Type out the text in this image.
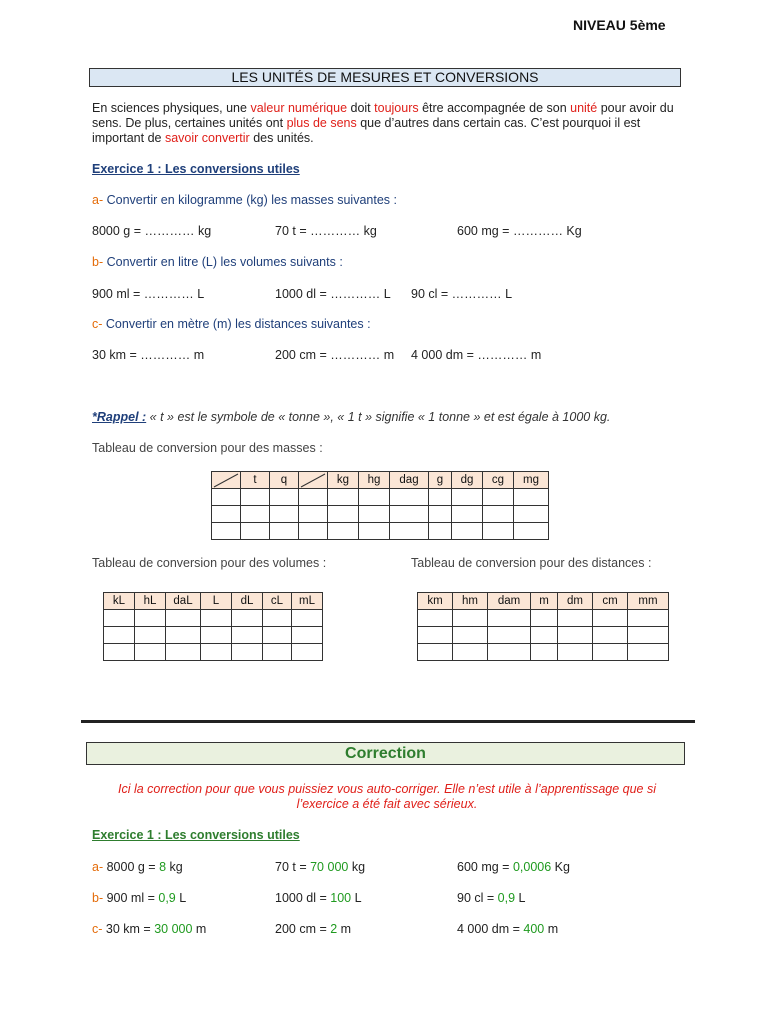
NIVEAU 5ème
LES UNITÉS DE MESURES ET CONVERSIONS
En sciences physiques, une valeur numérique doit toujours être accompagnée de son unité pour avoir du sens. De plus, certaines unités ont plus de sens que d’autres dans certain cas. C’est pourquoi il est important de savoir convertir des unités.
Exercice 1 : Les conversions utiles
a- Convertir en kilogramme (kg) les masses suivantes :
8000 g = ………… kg	70 t = ………… kg	600 mg = ………… Kg
b- Convertir en litre (L) les volumes suivants :
900 ml = ………… L	1000 dl = ………… L 90 cl = ………… L
c- Convertir en mètre (m) les distances suivantes :
30 km = ………… m	200 cm = ………… m 4 000 dm = ………… m
*Rappel : « t » est le symbole de « tonne », « 1 t » signifie « 1 tonne » et est égale à 1000 kg.
Tableau de conversion pour des masses :
	t	q		kg	hg	dag	g	dg	cg	mg

Tableau de conversion pour des volumes :
kL	hL	daL	L	dL	cL	mL

Tableau de conversion pour des distances :
km	hm	dam	m	dm	cm	mm

Correction
Ici la correction pour que vous puissiez vous auto-corriger. Elle n’est utile à l’apprentissage que si l’exercice a été fait avec sérieux.
Exercice 1 : Les conversions utiles
a- 8000 g = 8 kg	70 t = 70 000 kg	600 mg = 0,0006 Kg
b- 900 ml = 0,9 L	1000 dl = 100 L	90 cl = 0,9 L
c- 30 km = 30 000 m	200 cm = 2 m	4 000 dm = 400 m
